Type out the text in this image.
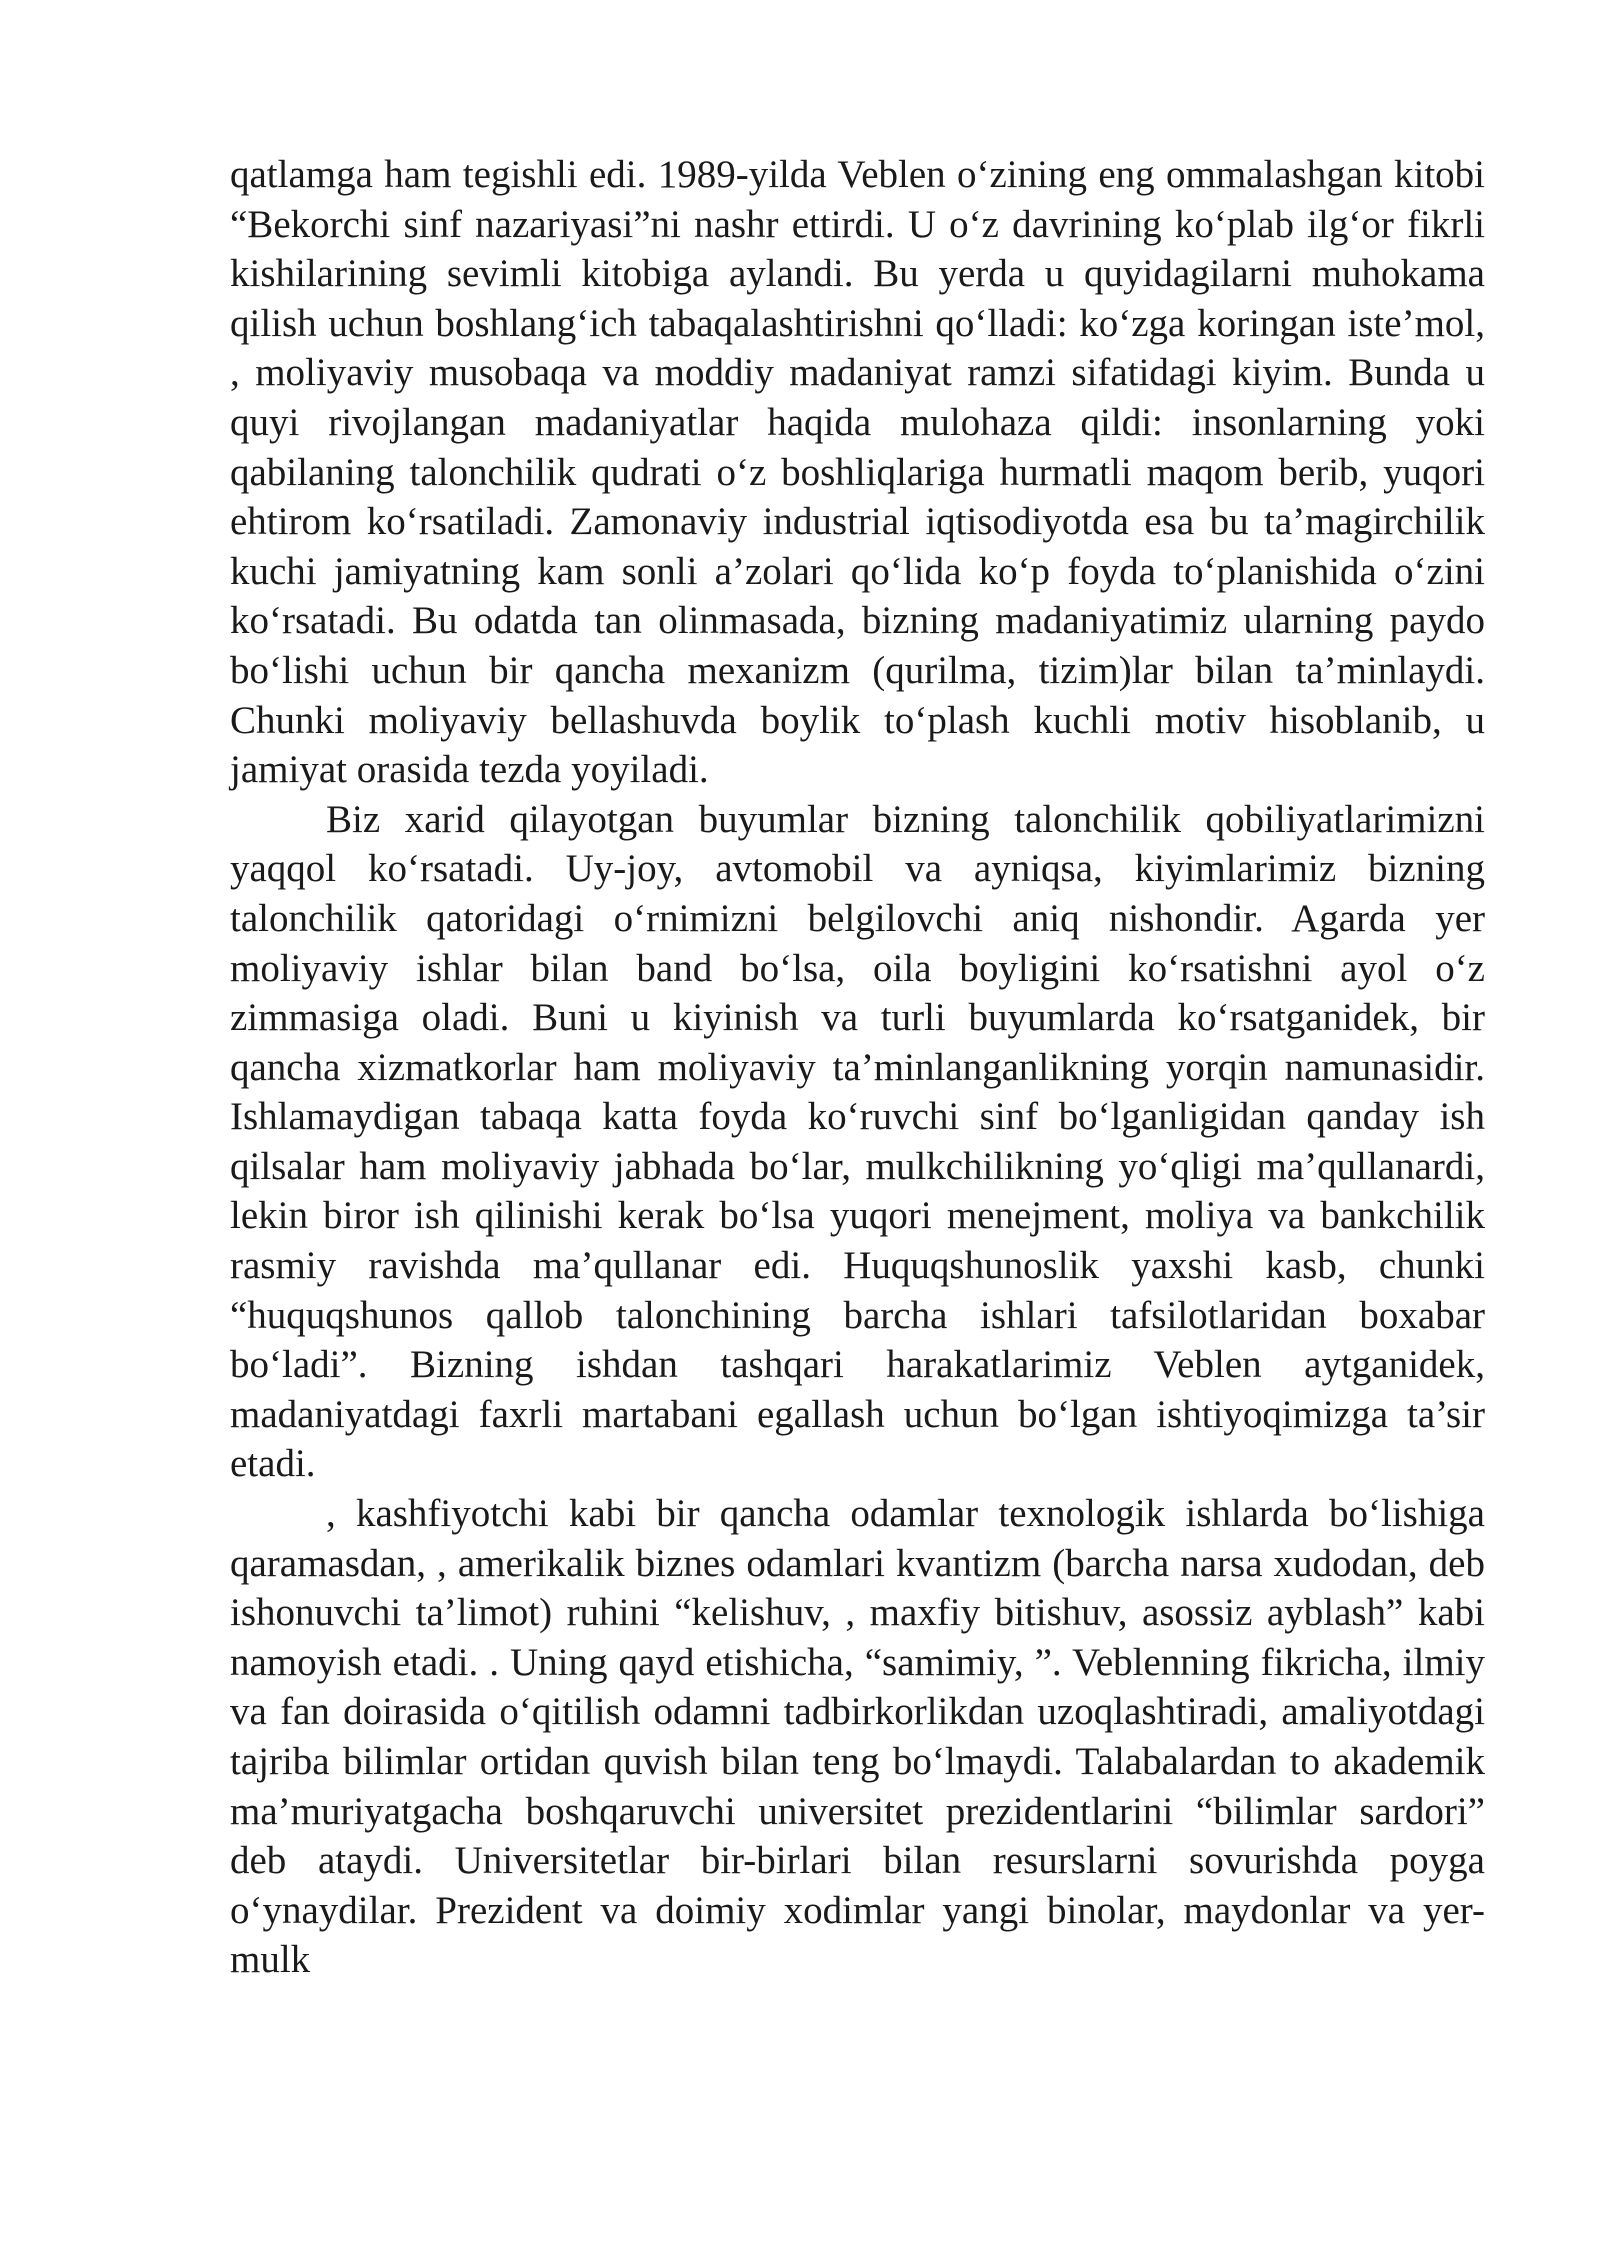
qatlamga ham tegishli edi. 1989-yilda Veblen o‘zining eng ommalashgan kitobi “Bekorchi sinf nazariyasi”ni nashr ettirdi. U o‘z davrining ko‘plab ilg‘or fikrli kishilarining sevimli kitobiga aylandi. Bu yerda u quyidagilarni muhokama qilish uchun boshlang‘ich tabaqalashtirishni qo‘lladi: ko‘zga koringan iste’mol, , moliyaviy musobaqa va moddiy madaniyat ramzi sifatidagi kiyim. Bunda u quyi rivojlangan madaniyatlar haqida mulohaza qildi: insonlarning yoki qabilaning talonchilik qudrati o‘z boshliqlariga hurmatli maqom berib, yuqori ehtirom ko‘rsatiladi. Zamonaviy industrial iqtisodiyotda esa bu ta’magirchilik kuchi jamiyatning kam sonli a’zolari qo‘lida ko‘p foyda to‘planishida o‘zini ko‘rsatadi. Bu odatda tan olinmasada, bizning madaniyatimiz ularning paydo bo‘lishi uchun bir qancha mexanizm (qurilma, tizim)lar bilan ta’minlaydi. Chunki moliyaviy bellashuvda boylik to‘plash kuchli motiv hisoblanib, u jamiyat orasida tezda yoyiladi.

Biz xarid qilayotgan buyumlar bizning talonchilik qobiliyatlarimizni yaqqol ko‘rsatadi. Uy-joy, avtomobil va ayniqsa, kiyimlarimiz bizning talonchilik qatoridagi o‘rnimizni belgilovchi aniq nishondir. Agarda yer moliyaviy ishlar bilan band bo‘lsa, oila boyligini ko‘rsatishni ayol o‘z zimmasiga oladi. Buni u kiyinish va turli buyumlarda ko‘rsatganidek, bir qancha xizmatkorlar ham moliyaviy ta’minlanganlikning yorqin namunasidir. Ishlamaydigan tabaqa katta foyda ko‘ruvchi sinf bo‘lganligidan qanday ish qilsalar ham moliyaviy jabhada bo‘lar, mulkchilikning yo‘qligi ma’qullanardi, lekin biror ish qilinishi kerak bo‘lsa yuqori menejment, moliya va bankchilik rasmiy ravishda ma’qullanar edi. Huquqshunoslik yaxshi kasb, chunki “huquqshunos qallob talonchining barcha ishlari tafsilotlaridan boxabar bo‘ladi”. Bizning ishdan tashqari harakatlarimiz Veblen aytganidek, madaniyatdagi faxrli martabani egallash uchun bo‘lgan ishtiyoqimizga ta’sir etadi.

, kashfiyotchi kabi bir qancha odamlar texnologik ishlarda bo‘lishiga qaramasdan, , amerikalik biznes odamlari kvantizm (barcha narsa xudodan, deb ishonuvchi ta’limot) ruhini “kelishuv, , maxfiy bitishuv, asossiz ayblash” kabi namoyish etadi. . Uning qayd etishicha, “samimiy, ”. Veblenning fikricha, ilmiy va fan doirasida o‘qitilish odamni tadbirkorlikdan uzoqlashtiradi, amaliyotdagi tajriba bilimlar ortidan quvish bilan teng bo‘lmaydi. Talabalardan to akademik ma’muriyatgacha boshqaruvchi universitet prezidentlarini “bilimlar sardori” deb ataydi. Universitetlar bir-birlari bilan resurslarni sovurishda poyga o‘ynaydilar. Prezident va doimiy xodimlar yangi binolar, maydonlar va yer-mulk
